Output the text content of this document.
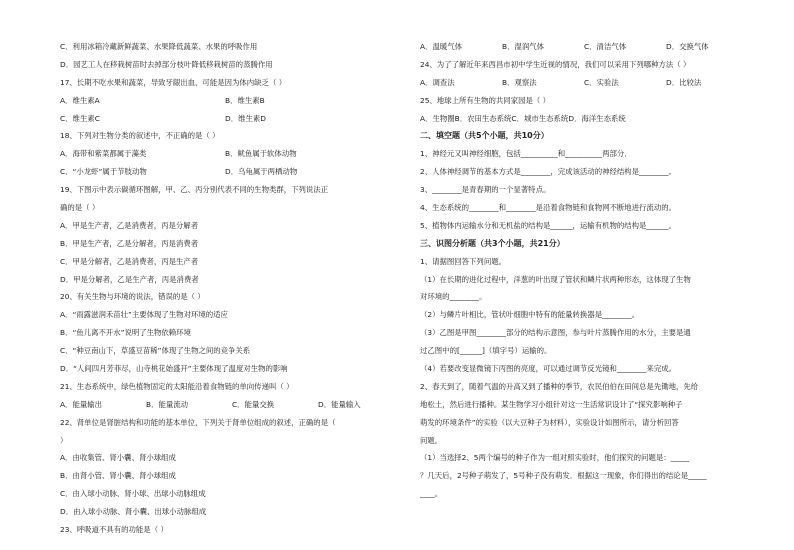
C．利用冰箱冷藏新鲜蔬菜、水果降低蔬菜、水果的呼吸作用
D．园艺工人在移栽树苗时去掉部分枝叶降低移栽树苗的蒸腾作用
17、长期不吃水果和蔬菜，导致牙龈出血，可能是因为体内缺乏（ ）
A．维生素A	B．维生素B
C．维生素C	D．维生素D
18、下列对生物分类的叙述中，不正确的是（ ）
A．海带和紫菜都属于藻类	B．鱿鱼属于软体动物
C．“小龙虾”属于节肢动物	D．乌龟属于两栖动物
19、下图示中表示碳循环图解，甲、乙、丙分别代表不同的生物类群，下列说法正
确的是（ ）
A．甲是生产者，乙是消费者，丙是分解者
B．甲是生产者，乙是分解者，丙是消费者
C．甲是分解者，乙是消费者，丙是生产者
D．甲是分解者，乙是生产者，丙是消费者
20、有关生物与环境的说法，错误的是（ ）
A．“雨露滋润禾苗壮”主要体现了生物对环境的适应
B．“鱼儿离不开水”说明了生物依赖环境
C．“种豆南山下，草盛豆苗稀”体现了生物之间的竞争关系
D．“人间四月芳菲尽，山寺桃花始盛开”主要体现了温度对生物的影响
21、生态系统中，绿色植物固定的太阳能沿着食物链的单向传递叫（ ）
A．能量输出	B．能量流动	C．能量交换	D．能量输入
22、肾单位是肾脏结构和功能的基本单位，下列关于肾单位组成的叙述，正确的是（
）
A．由收集管、肾小囊、肾小球组成
B．由肾小管、肾小囊、肾小球组成
C．由入球小动脉、肾小球、出球小动脉组成
D．由入球小动脉、肾小囊、出球小动脉组成
23、呼吸道不具有的功能是（ ）
A．温暖气体	B．湿润气体	C．清洁气体	D．交换气体
24、为了了解近年来西昌市初中学生近视的情况，我们可以采用下列哪种方法（ ）
A．调查法	B．观察法	C．实验法	D．比较法
25、地球上所有生物的共同家园是（ ）
A．生物圈B．农田生态系统C．城市生态系统D．海洋生态系统
二、填空题（共5个小题，共10分）
1、神经元又叫神经细胞，包括__________和__________两部分．
2、人体神经调节的基本方式是________，完成该活动的神经结构是________。
3、________是青春期的一个显著特点。
4、生态系统的________和________是沿着食物链和食物网不断地进行流动的。
5、植物体内运输水分和无机盐的结构是______，运输有机物的结构是______。
三、识图分析题（共3个小题，共21分）
1、请据图回答下列问题。
（1）在长期的进化过程中，洋葱的叶出现了管状和鳞片状两种形态，这体现了生物
对环境的________。
（2）与鳞片叶相比，管状叶细胞中特有的能量转换器是________。
（3）乙图是甲图________部分的结构示意图，参与叶片蒸腾作用的水分，主要是通
过乙图中的[______]（填字号）运输的。
（4）若要改变显微镜下丙图的亮度，可以通过调节反光镜和________来完成。
2、春天到了，随着气温的升高又到了播种的季节，农民伯伯在田间总是先锄地，先给
地松土，然后进行播种。某生物学习小组针对这一生活常识设计了“探究影响种子
萌发的环境条件”的实验（以大豆种子为材料），实验设计如图所示，请分析回答
问题。
（1）当选择2、5两个编号的种子作为一组对照实验时，他们探究的问题是：_____
？几天后，2号种子萌发了，5号种子没有萌发．根据这一现象，你们得出的结论是_____
____。
